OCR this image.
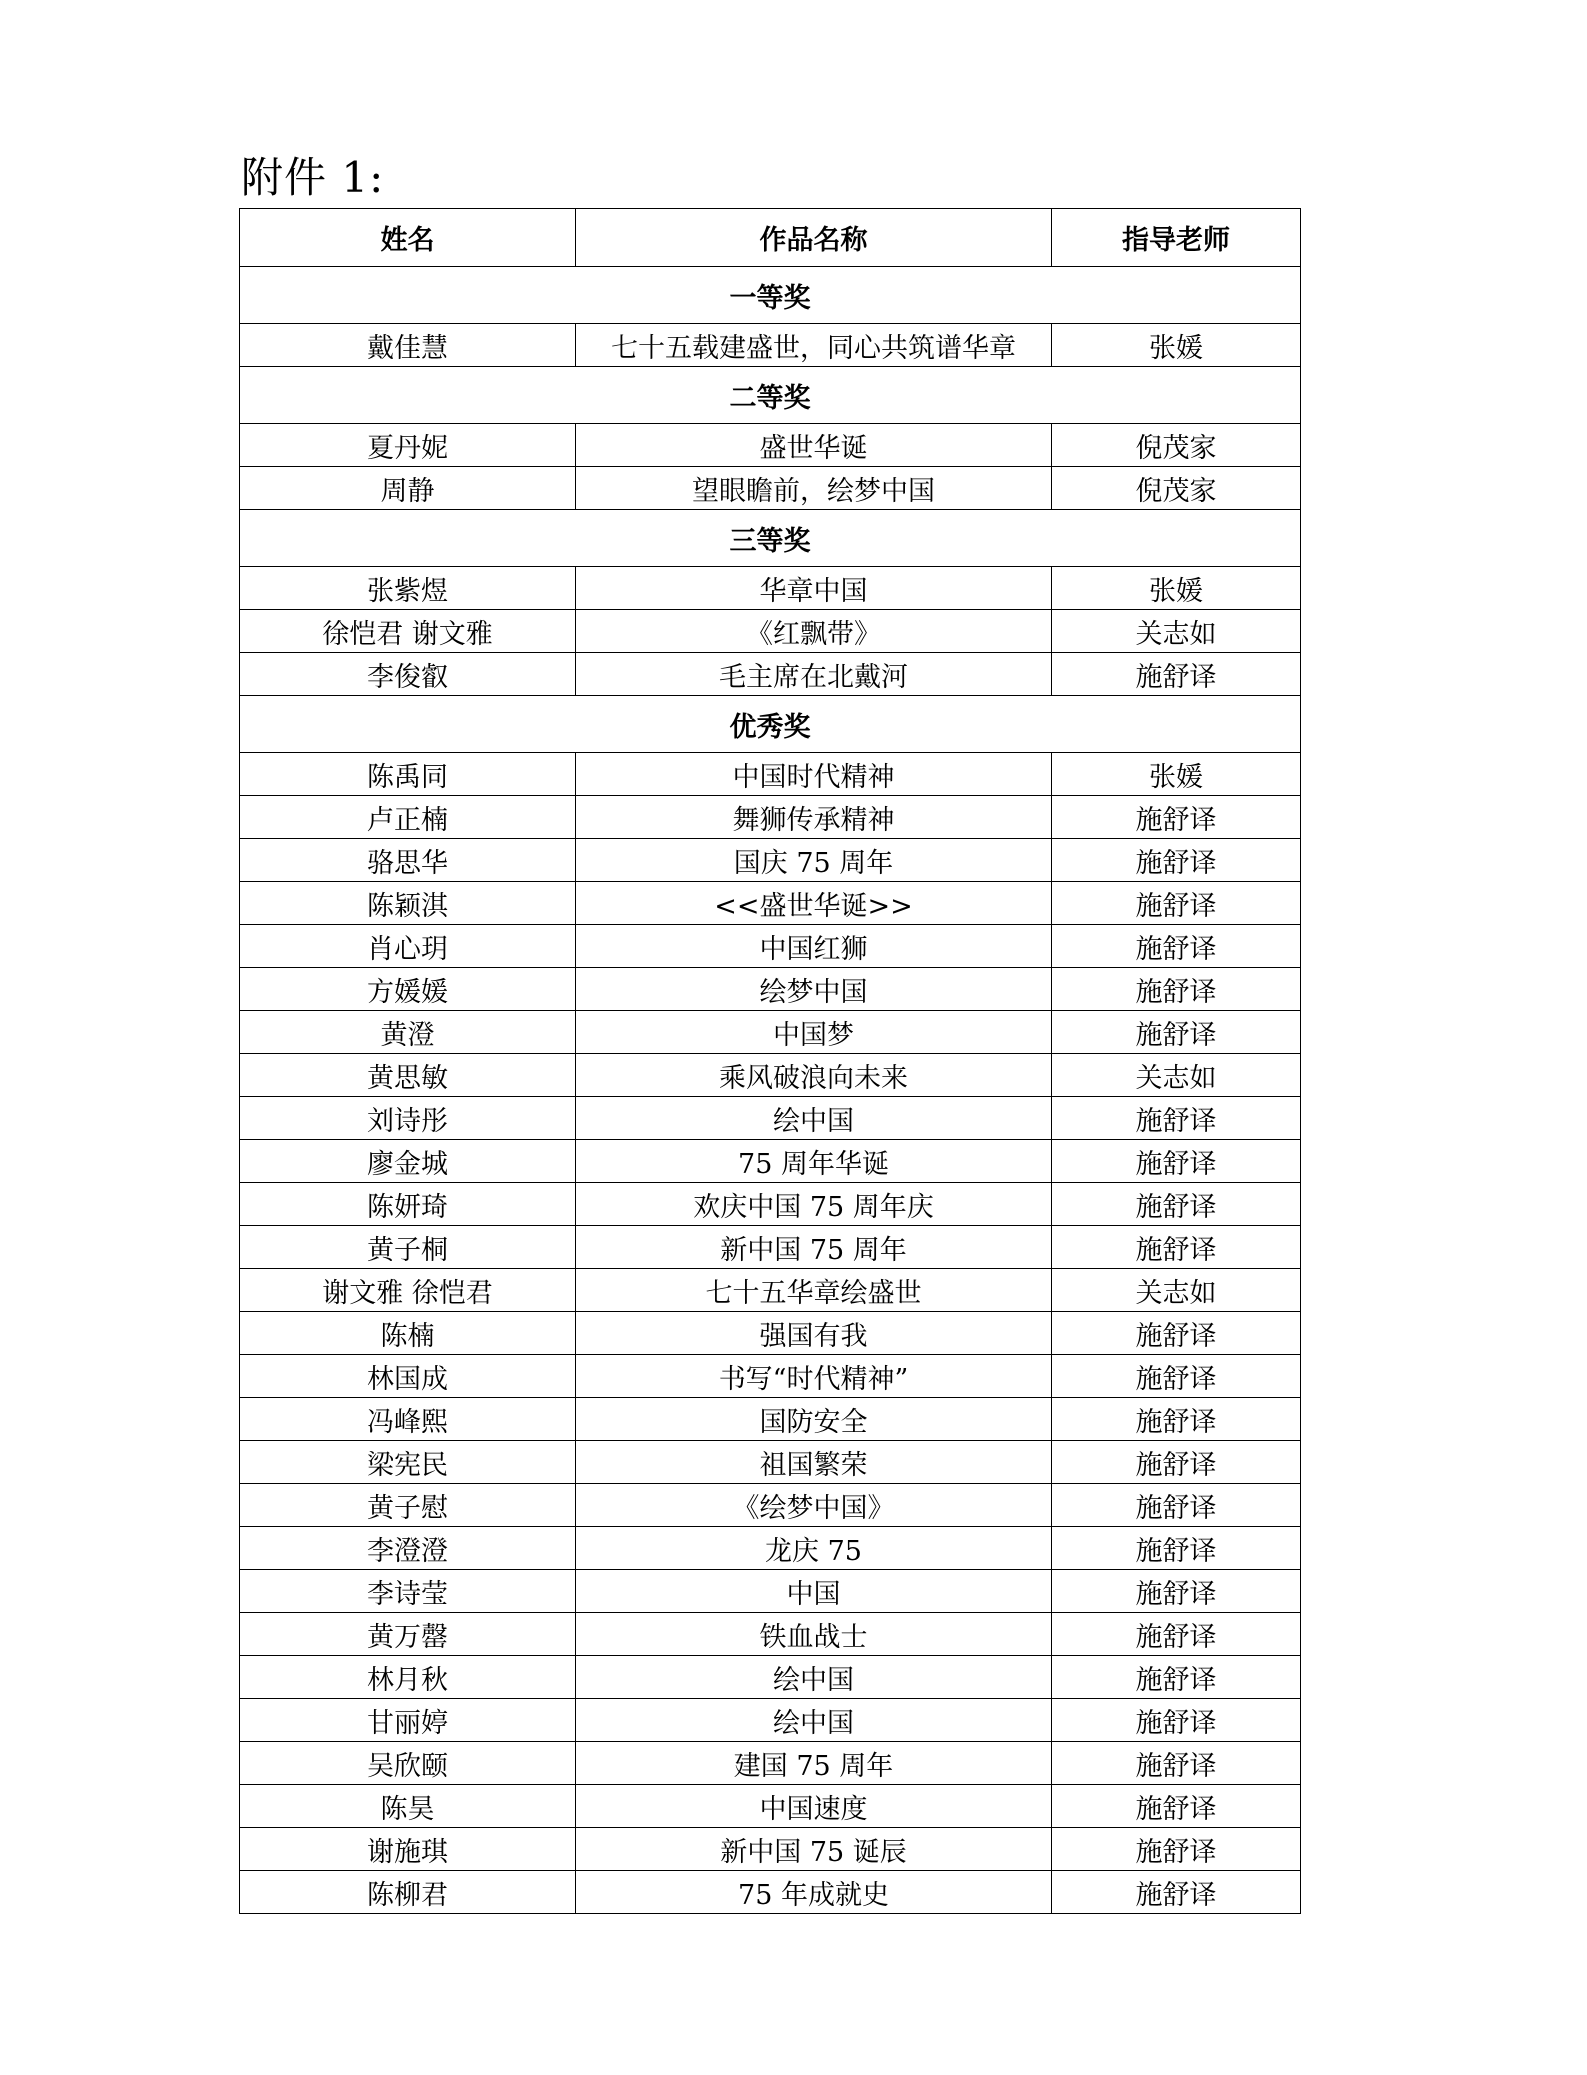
附件 1:
姓名	作品名称	指导老师
一等奖		
戴佳慧	七十五载建盛世，同心共筑谱华章	张媛
二等奖		
夏丹妮	盛世华诞	倪茂家
周静	望眼瞻前，绘梦中国	倪茂家
三等奖		
张紫煜	华章中国	张媛
徐恺君 谢文雅	《红飘带》	关志如
李俊叡	毛主席在北戴河	施舒译
优秀奖		
陈禹同	中国时代精神	张媛
卢正楠	舞狮传承精神	施舒译
骆思华	国庆 75 周年	施舒译
陈颖淇	<<盛世华诞>>	施舒译
肖心玥	中国红狮	施舒译
方媛媛	绘梦中国	施舒译
黄澄	中国梦	施舒译
黄思敏	乘风破浪向未来	关志如
刘诗彤	绘中国	施舒译
廖金城	75 周年华诞	施舒译
陈妍琦	欢庆中国 75 周年庆	施舒译
黄子桐	新中国 75 周年	施舒译
谢文雅 徐恺君	七十五华章绘盛世	关志如
陈楠	强国有我	施舒译
林国成	书写“时代精神”	施舒译
冯峰熙	国防安全	施舒译
梁宪民	祖国繁荣	施舒译
黄子慰	《绘梦中国》	施舒译
李澄澄	龙庆 75	施舒译
李诗莹	中国	施舒译
黄万罄	铁血战士	施舒译
林月秋	绘中国	施舒译
甘丽婷	绘中国	施舒译
吴欣颐	建国 75 周年	施舒译
陈昊	中国速度	施舒译
谢施琪	新中国 75 诞辰	施舒译
陈柳君	75 年成就史	施舒译
